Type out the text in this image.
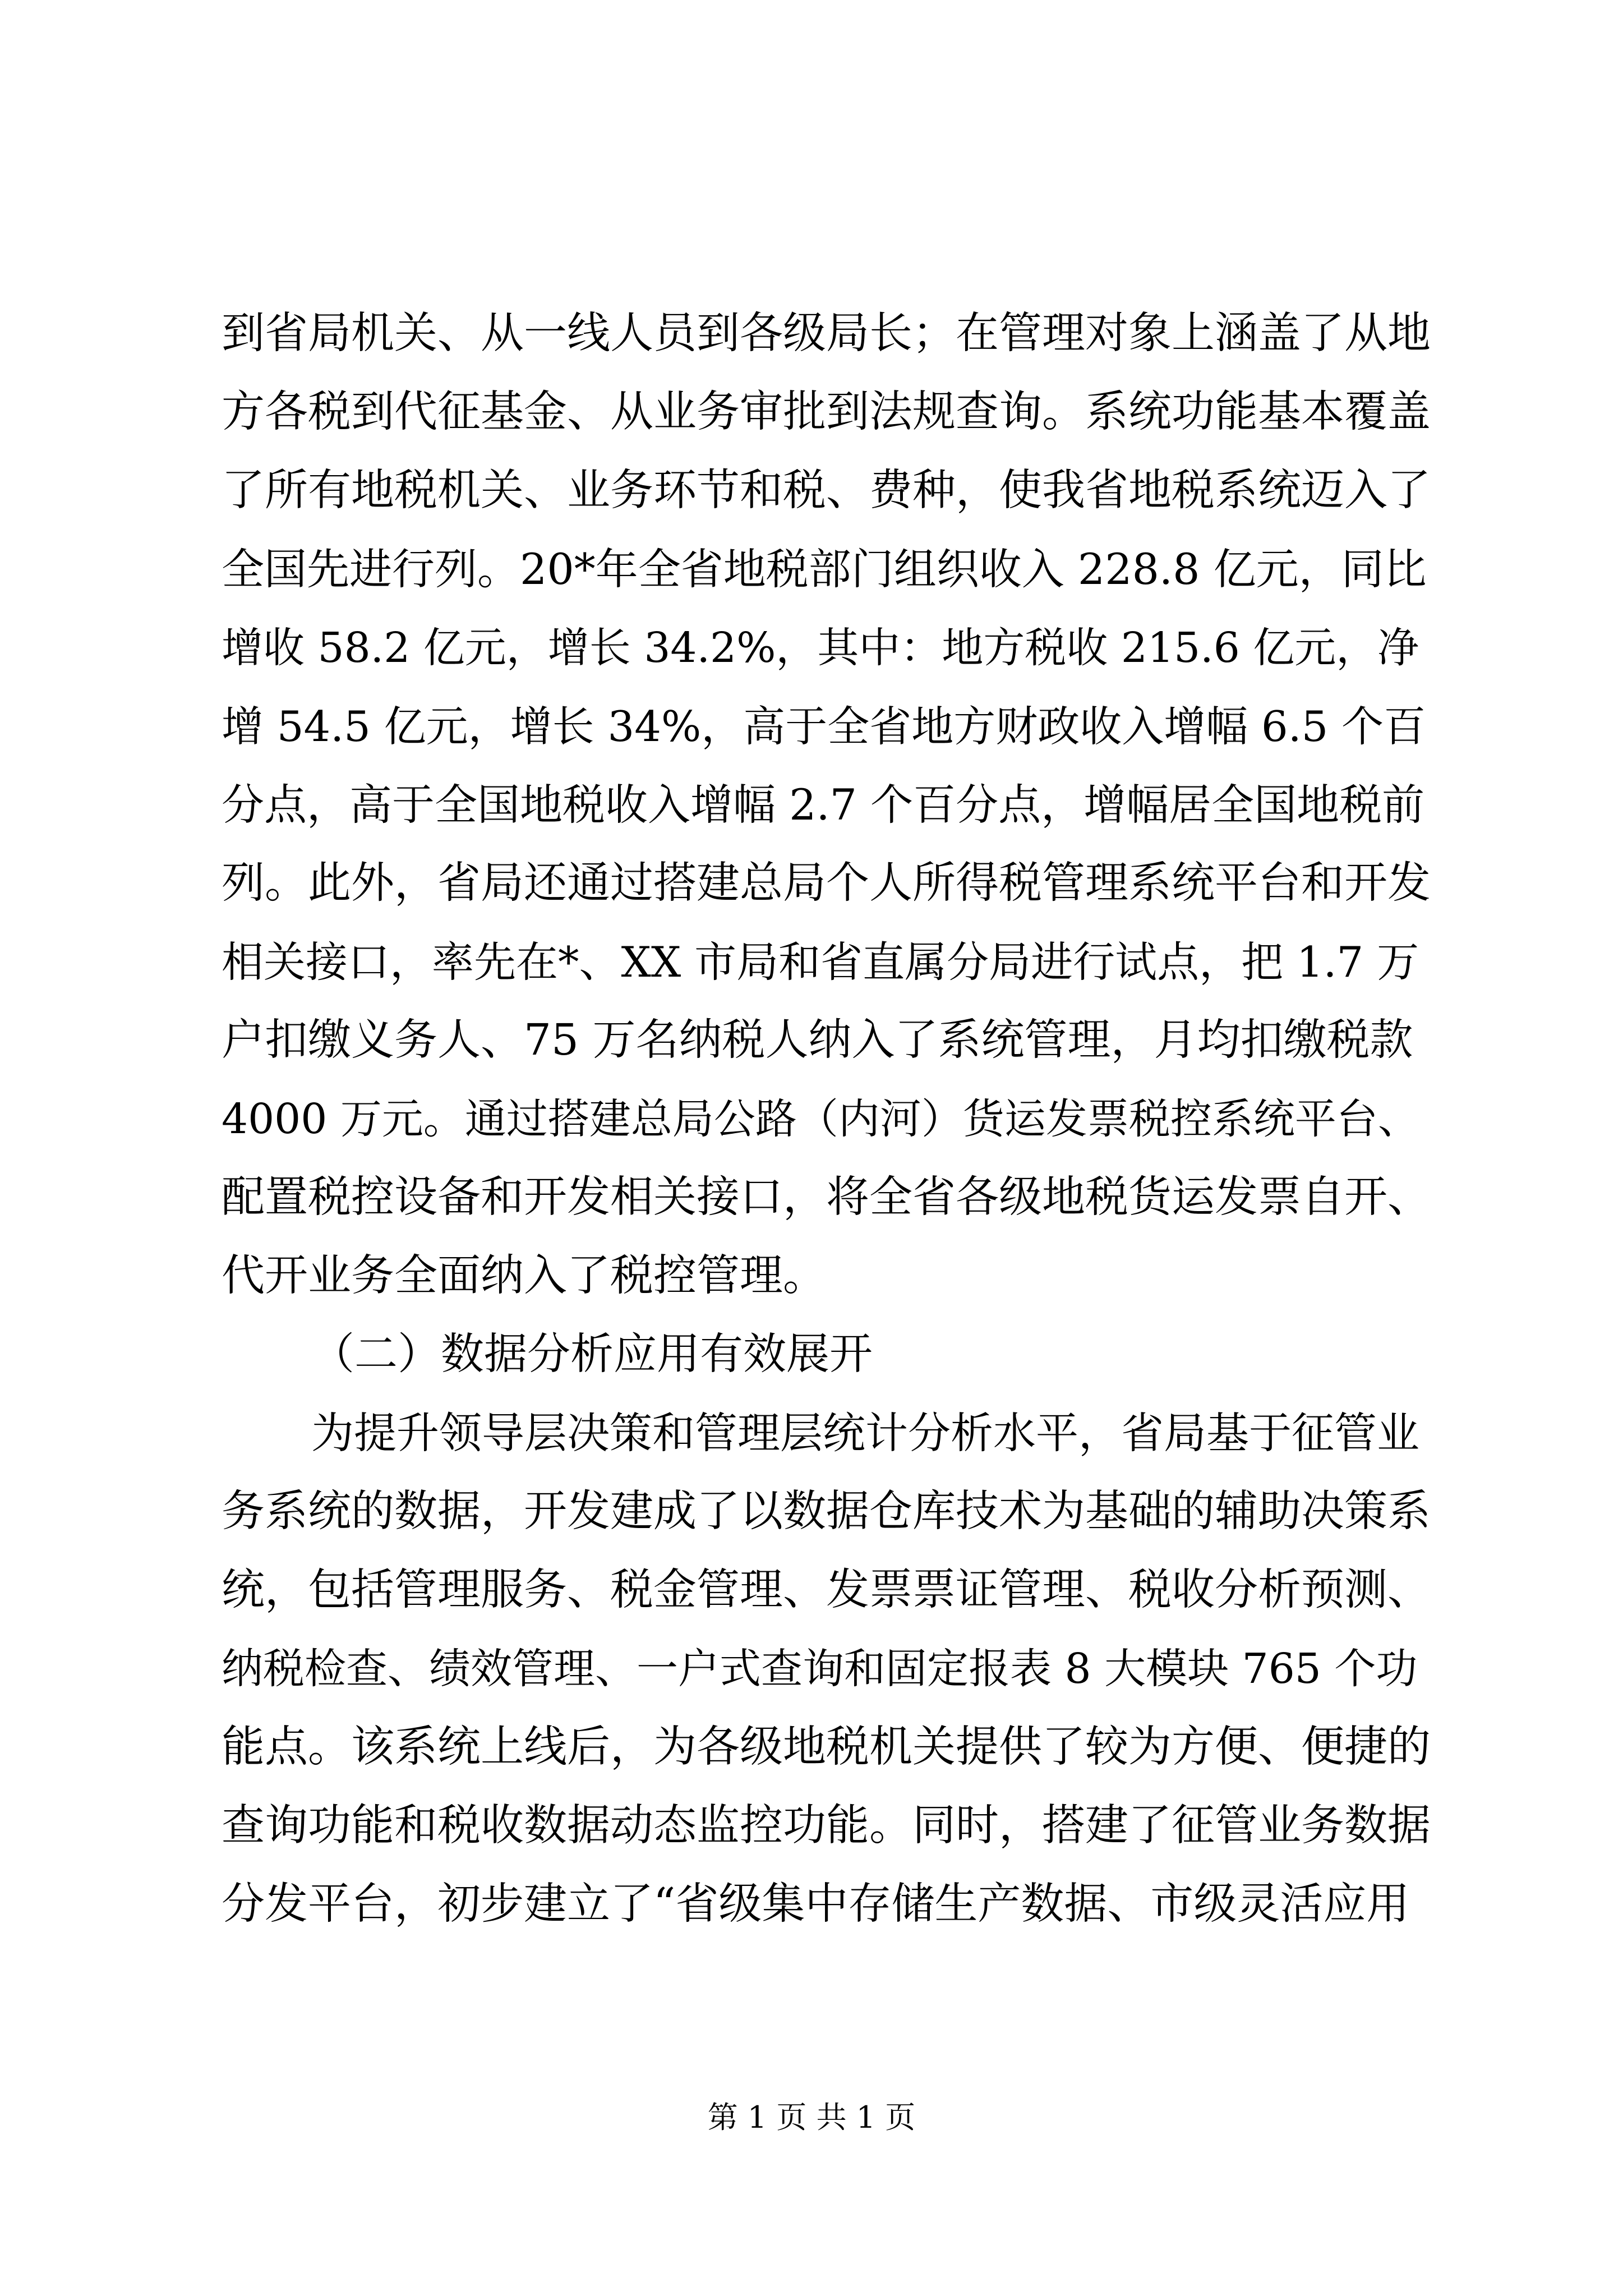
到省局机关、从一线人员到各级局长；在管理对象上涵盖了从地
方各税到代征基金、从业务审批到法规查询。系统功能基本覆盖
了所有地税机关、业务环节和税、费种，使我省地税系统迈入了
全国先进行列。20*年全省地税部门组织收入 228.8 亿元，同比
增收 58.2 亿元，增长 34.2%，其中：地方税收 215.6 亿元，净
增 54.5 亿元，增长 34%，高于全省地方财政收入增幅 6.5 个百
分点，高于全国地税收入增幅 2.7 个百分点，增幅居全国地税前
列。此外，省局还通过搭建总局个人所得税管理系统平台和开发
相关接口，率先在*、XX 市局和省直属分局进行试点，把 1.7 万
户扣缴义务人、75 万名纳税人纳入了系统管理，月均扣缴税款
4000 万元。通过搭建总局公路（内河）货运发票税控系统平台、
配置税控设备和开发相关接口，将全省各级地税货运发票自开、
代开业务全面纳入了税控管理。
（二）数据分析应用有效展开
为提升领导层决策和管理层统计分析水平，省局基于征管业
务系统的数据，开发建成了以数据仓库技术为基础的辅助决策系
统，包括管理服务、税金管理、发票票证管理、税收分析预测、
纳税检查、绩效管理、一户式查询和固定报表 8 大模块 765 个功
能点。该系统上线后，为各级地税机关提供了较为方便、便捷的
查询功能和税收数据动态监控功能。同时，搭建了征管业务数据
分发平台，初步建立了“省级集中存储生产数据、市级灵活应用
第 1 页 共 1 页
